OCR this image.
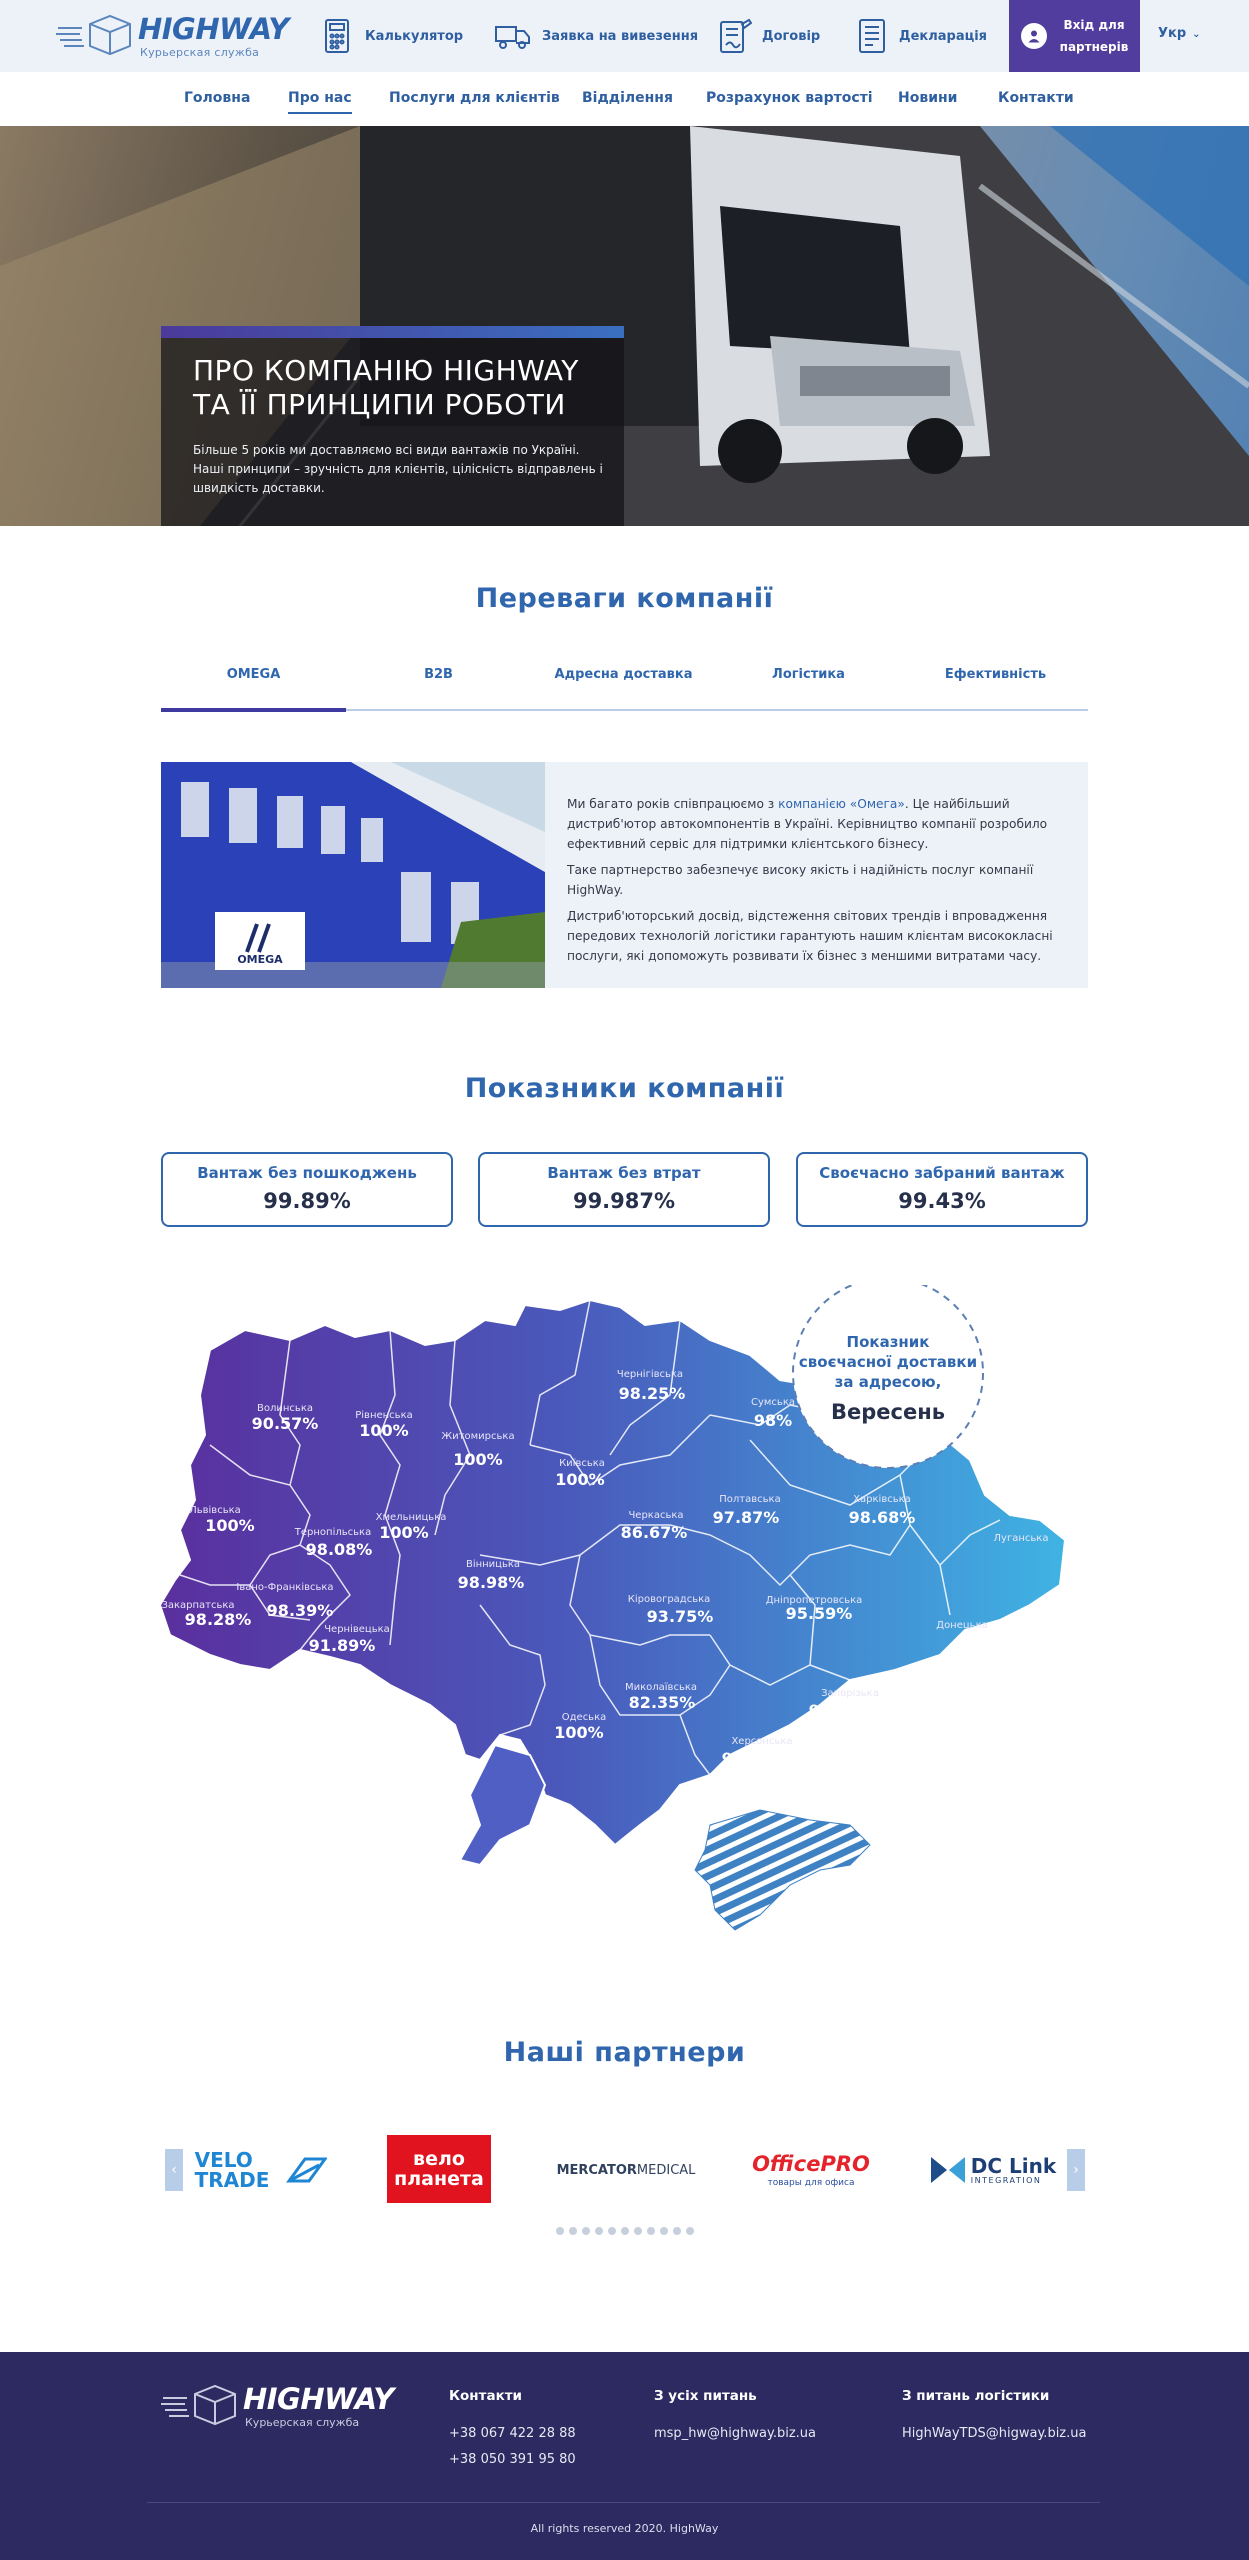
HIGHWAY
Курьерская служба
Калькулятор	Заявка на вивезення	Договір	Декларація
Вхід для
партнерів
Укр ⌄
Головна	Про нас	Послуги для клієнтів Відділення Розрахунок вартості Новини	Контакти
ПРО КОМПАНІЮ HIGHWAY
ТА ЇЇ ПРИНЦИПИ РОБОТИ
Більше 5 років ми доставляємо всі види вантажів по Україні. Наші принципи – зручність для клієнтів, цілісність відправлень і швидкість доставки.
Переваги компанії
OMEGA	B2B	Адресна доставка	Логістика	Ефективність
OMEGA

Ми багато років співпрацюємо з компанією «Омега». Це найбільший дистриб'ютор автокомпонентів в Україні. Керівництво компанії розробило ефективний сервіс для підтримки клієнтського бізнесу.

Таке партнерство забезпечує високу якість і надійність послуг компанії HighWay.

Дистриб'юторський досвід, відстеження світових трендів і впровадження передових технологій логістики гарантують нашим клієнтам висококласні послуги, які допоможуть розвивати їх бізнес з меншими витратами часу.

Показники компанії
Вантаж без пошкоджень
99.89%
Вантаж без втрат
99.987%
Своєчасно забраний вантаж
99.43%
Волинська
90.57%	Рівненська
100%	Житомирська
100%
Чернігівська
98.25%	Сумська
98%
Київська
100%
Львівська
100%	Тернопільська
98.08%
Хмельницька
100%
Черкаська
86.67%
Полтавська
97.87%
Харківська
98.68%
Луганська
Закарпатська
98.28%
Івано-Франківська
98.39%
Вінницька
98.98%
Чернівецька
91.89%
Кіровоградська
93.75%
Дніпропетровська
95.59%
Донецька
Миколаївська
82.35%	Запорізька
94.74%
Одеська
100%	Херсонська
97.96%
Показник
своєчасної доставки
за адресою,
Вересень
Наші партнери
‹ VELO
TRADE
вело
планета	MERCATOR MEDICAL	OfficePRO
товары для офиса
DC Link
INTEGRATION
›
HIGHWAY
Курьерская служба
Контакти
+38 067 422 28 88
+38 050 391 95 80
З усіх питань
msp_hw@highway.biz.ua
З питань логістики
HighWayTDS@higway.biz.ua
All rights reserved 2020. HighWay
